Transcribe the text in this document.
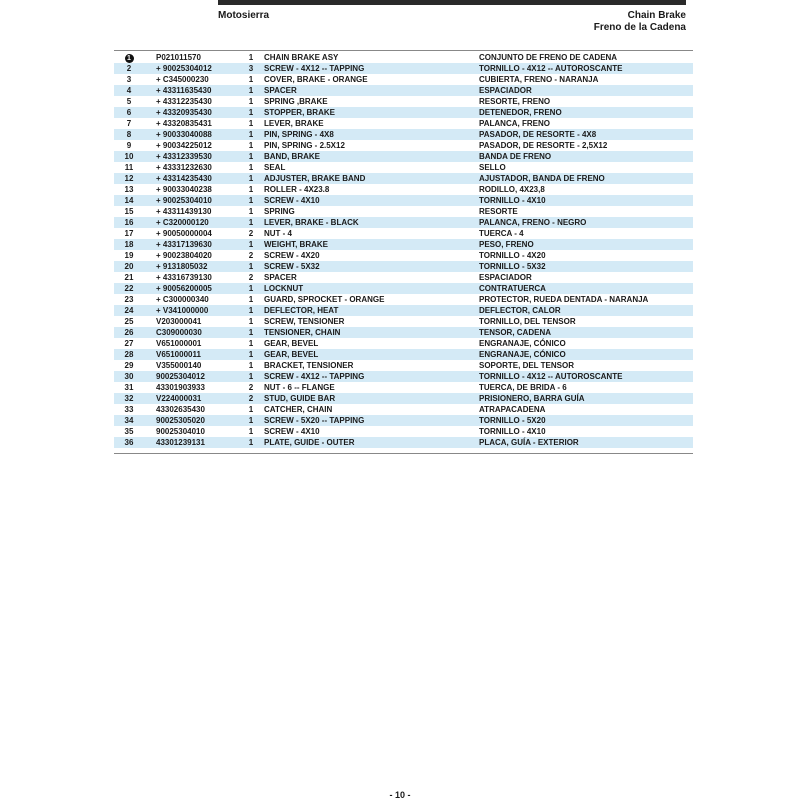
Motosierra	Chain Brake
Freno de la Cadena
1	P021011570	1	CHAIN BRAKE ASY	CONJUNTO DE FRENO DE CADENA
2	+ 90025304012	3	SCREW - 4X12 -- TAPPING	TORNILLO - 4X12 -- AUTOROSCANTE
3	+ C345000230	1	COVER, BRAKE - ORANGE	CUBIERTA, FRENO - NARANJA
4	+ 43311635430	1	SPACER	ESPACIADOR
5	+ 43312235430	1	SPRING ,BRAKE	RESORTE, FRENO
6	+ 43320935430	1	STOPPER, BRAKE	DETENEDOR, FRENO
7	+ 43320835431	1	LEVER, BRAKE	PALANCA, FRENO
8	+ 90033040088	1	PIN, SPRING - 4X8	PASADOR, DE RESORTE - 4X8
9	+ 90034225012	1	PIN, SPRING - 2.5X12	PASADOR, DE RESORTE - 2,5X12
10	+ 43312339530	1	BAND, BRAKE	BANDA DE FRENO
11	+ 43331232630	1	SEAL	SELLO
12	+ 43314235430	1	ADJUSTER, BRAKE BAND	AJUSTADOR, BANDA DE FRENO
13	+ 90033040238	1	ROLLER - 4X23.8	RODILLO, 4X23,8
14	+ 90025304010	1	SCREW - 4X10	TORNILLO - 4X10
15	+ 43311439130	1	SPRING	RESORTE
16	+ C320000120	1	LEVER, BRAKE - BLACK	PALANCA, FRENO - NEGRO
17	+ 90050000004	2	NUT - 4	TUERCA - 4
18	+ 43317139630	1	WEIGHT, BRAKE	PESO, FRENO
19	+ 90023804020	2	SCREW - 4X20	TORNILLO - 4X20
20	+ 9131805032	1	SCREW - 5X32	TORNILLO - 5X32
21	+ 43316739130	2	SPACER	ESPACIADOR
22	+ 90056200005	1	LOCKNUT	CONTRATUERCA
23	+ C300000340	1	GUARD, SPROCKET - ORANGE	PROTECTOR, RUEDA DENTADA - NARANJA
24	+ V341000000	1	DEFLECTOR, HEAT	DEFLECTOR, CALOR
25	V203000041	1	SCREW, TENSIONER	TORNILLO, DEL TENSOR
26	C309000030	1	TENSIONER, CHAIN	TENSOR, CADENA
27	V651000001	1	GEAR, BEVEL	ENGRANAJE, CÓNICO
28	V651000011	1	GEAR, BEVEL	ENGRANAJE, CÓNICO
29	V355000140	1	BRACKET, TENSIONER	SOPORTE, DEL TENSOR
30	90025304012	1	SCREW - 4X12 -- TAPPING	TORNILLO - 4X12 -- AUTOROSCANTE
31	43301903933	2	NUT - 6 -- FLANGE	TUERCA, DE BRIDA - 6
32	V224000031	2	STUD, GUIDE BAR	PRISIONERO, BARRA GUÍA
33	43302635430	1	CATCHER, CHAIN	ATRAPACADENA
34	90025305020	1	SCREW - 5X20 -- TAPPING	TORNILLO - 5X20
35	90025304010	1	SCREW - 4X10	TORNILLO - 4X10
36	43301239131	1	PLATE, GUIDE - OUTER	PLACA, GUÍA - EXTERIOR
- 10 -
